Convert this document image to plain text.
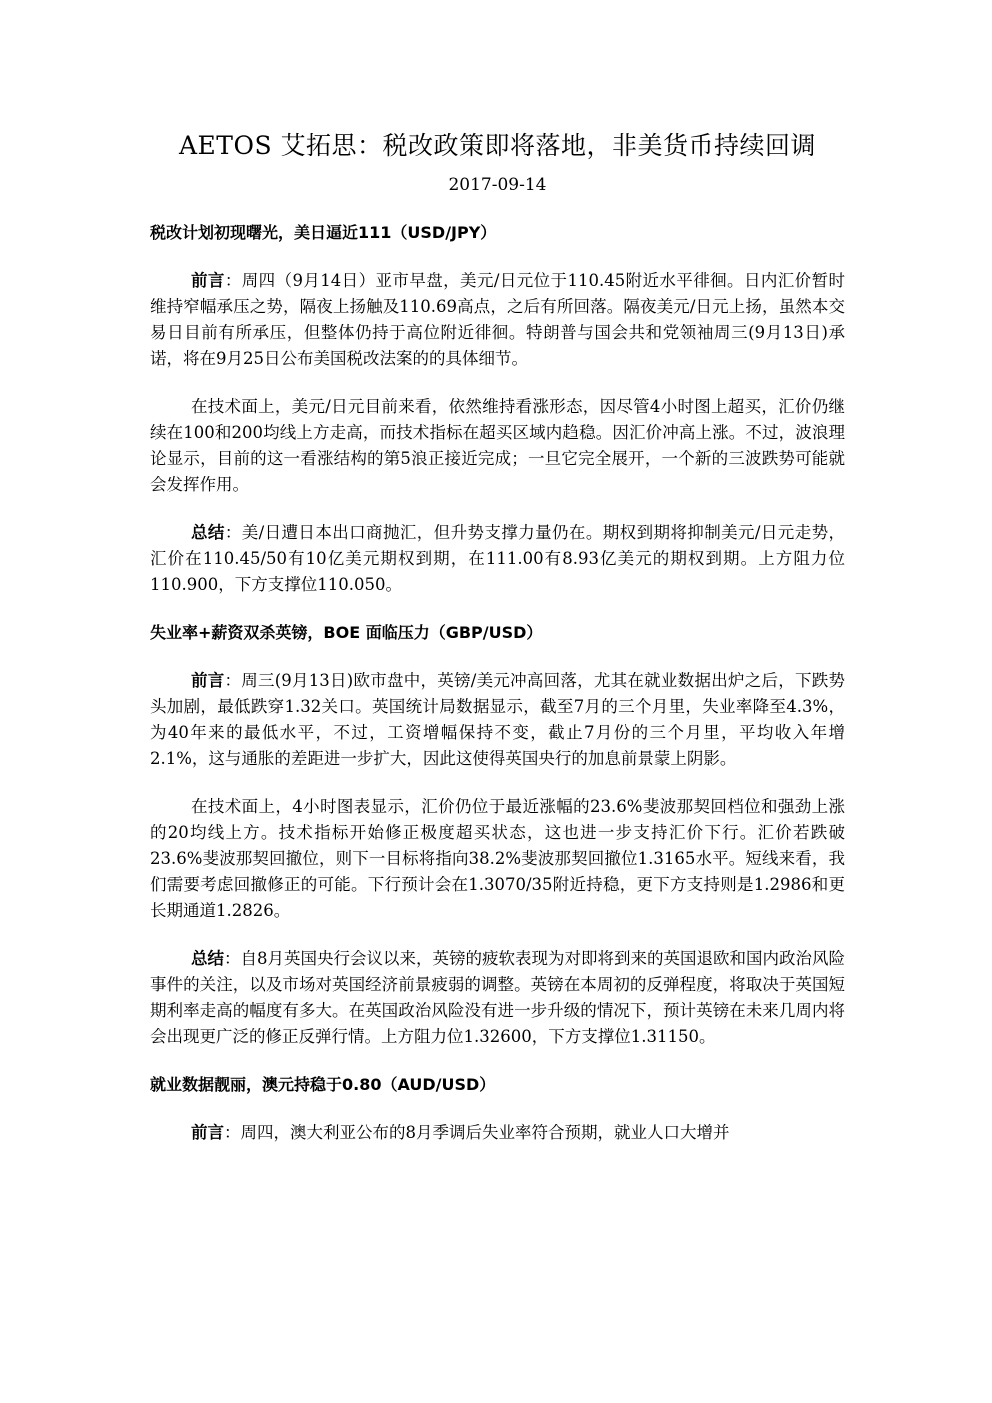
AETOS 艾拓思：税改政策即将落地，非美货币持续回调
2017-09-14
税改计划初现曙光，美日逼近111（USD/JPY）

前言：周四（9月14日）亚市早盘，美元/日元位于110.45附近水平徘徊。日内汇价暂时维持窄幅承压之势，隔夜上扬触及110.69高点，之后有所回落。隔夜美元/日元上扬，虽然本交易日目前有所承压，但整体仍持于高位附近徘徊。特朗普与国会共和党领袖周三(9月13日)承诺，将在9月25日公布美国税改法案的的具体细节。

在技术面上，美元/日元目前来看，依然维持看涨形态，因尽管4小时图上超买，汇价仍继续在100和200均线上方走高，而技术指标在超买区域内趋稳。因汇价冲高上涨。不过，波浪理论显示，目前的这一看涨结构的第5浪正接近完成；一旦它完全展开，一个新的三波跌势可能就会发挥作用。

总结：美/日遭日本出口商抛汇，但升势支撑力量仍在。期权到期将抑制美元/日元走势，汇价在110.45/50有10亿美元期权到期，在111.00有8.93亿美元的期权到期。上方阻力位110.900，下方支撑位110.050。

失业率+薪资双杀英镑，BOE 面临压力（GBP/USD）

前言：周三(9月13日)欧市盘中，英镑/美元冲高回落，尤其在就业数据出炉之后，下跌势头加剧，最低跌穿1.32关口。英国统计局数据显示，截至7月的三个月里，失业率降至4.3%，为40年来的最低水平，不过，工资增幅保持不变，截止7月份的三个月里，平均收入年增2.1%，这与通胀的差距进一步扩大，因此这使得英国央行的加息前景蒙上阴影。

在技术面上，4小时图表显示，汇价仍位于最近涨幅的23.6%斐波那契回档位和强劲上涨的20均线上方。技术指标开始修正极度超买状态，这也进一步支持汇价下行。汇价若跌破23.6%斐波那契回撤位，则下一目标将指向38.2%斐波那契回撤位1.3165水平。短线来看，我们需要考虑回撤修正的可能。下行预计会在1.3070/35附近持稳，更下方支持则是1.2986和更长期通道1.2826。

总结：自8月英国央行会议以来，英镑的疲软表现为对即将到来的英国退欧和国内政治风险事件的关注，以及市场对英国经济前景疲弱的调整。英镑在本周初的反弹程度，将取决于英国短期利率走高的幅度有多大。在英国政治风险没有进一步升级的情况下，预计英镑在未来几周内将会出现更广泛的修正反弹行情。上方阻力位1.32600，下方支撑位1.31150。

就业数据靓丽，澳元持稳于0.80（AUD/USD）

前言：周四，澳大利亚公布的8月季调后失业率符合预期，就业人口大增并
